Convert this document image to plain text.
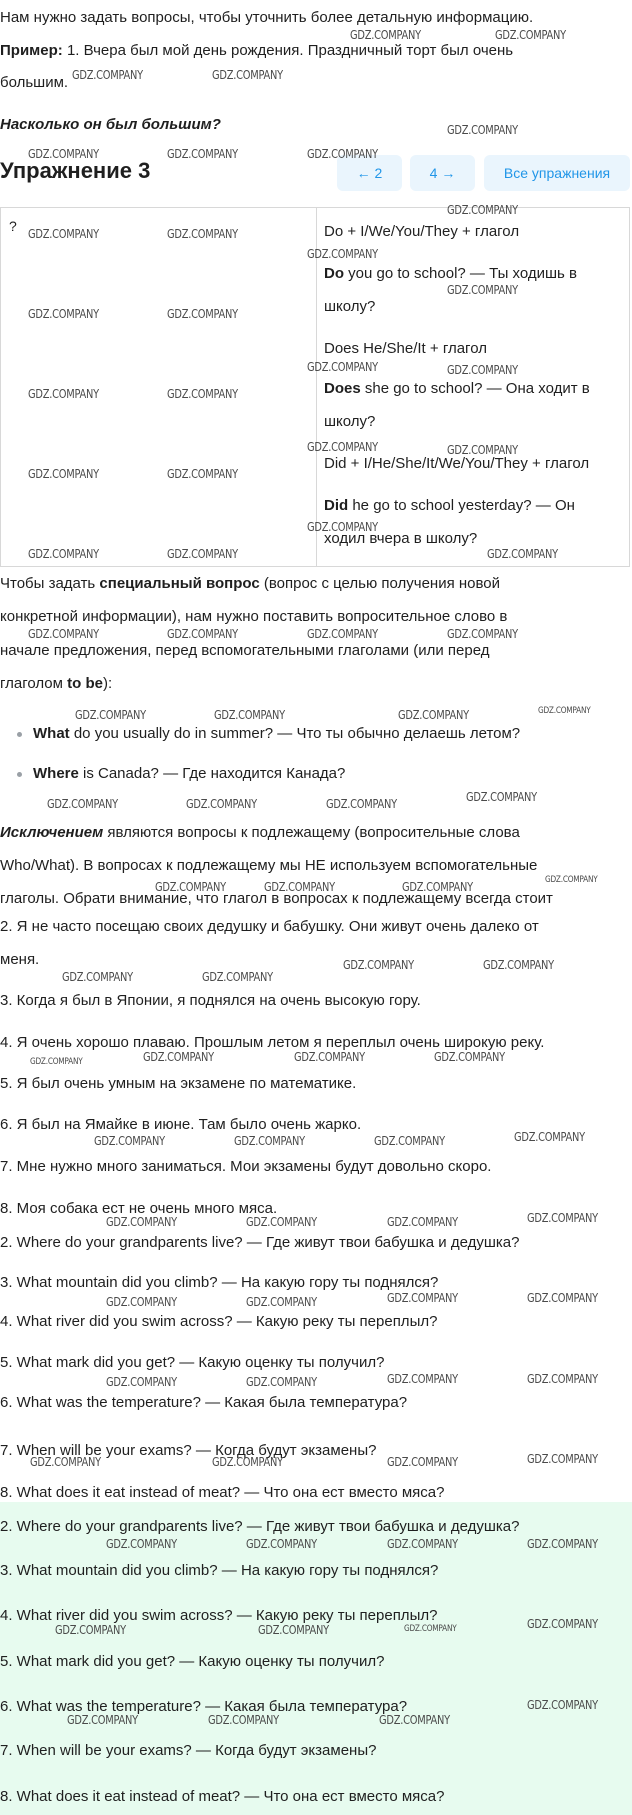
Нам нужно задать вопросы, чтобы уточнить более детальную информацию.
Пример: 1. Вчера был мой день рождения. Праздничный торт был очень
большим.
Насколько он был большим?
Упражнение 3	← 2	4 →	Все упражнения
?	Do + I/We/You/They + глагол
Do you go to school? — Ты ходишь в
школу?
Does He/She/It + глагол
Does she go to school? — Она ходит в
школу?
Did + I/He/She/It/We/You/They + глагол
Did he go to school yesterday? — Он
ходил вчера в школу?
Чтобы задать специальный вопрос (вопрос с целью получения новой
конкретной информации), нам нужно поставить вопросительное слово в
начале предложения, перед вспомогательными глаголами (или перед
глаголом to be):
What do you usually do in summer? — Что ты обычно делаешь летом?
Where is Canada? — Где находится Канада?
Исключением являются вопросы к подлежащему (вопросительные слова
Who/What). В вопросах к подлежащему мы НЕ используем вспомогательные
глаголы. Обрати внимание, что глагол в вопросах к подлежащему всегда стоит
2. Я не часто посещаю своих дедушку и бабушку. Они живут очень далеко от
меня.
3. Когда я был в Японии, я поднялся на очень высокую гору.
4. Я очень хорошо плаваю. Прошлым летом я переплыл очень широкую реку.
5. Я был очень умным на экзамене по математике.
6. Я был на Ямайке в июне. Там было очень жарко.
7. Мне нужно много заниматься. Мои экзамены будут довольно скоро.
8. Моя собака ест не очень много мяса.
2. Where do your grandparents live? — Где живут твои бабушка и дедушка?
3. What mountain did you climb? — На какую гору ты поднялся?
4. What river did you swim across? — Какую реку ты переплыл?
5. What mark did you get? — Какую оценку ты получил?
6. What was the temperature? — Какая была температура?
7. When will be your exams? — Когда будут экзамены?
8. What does it eat instead of meat? — Что она ест вместо мяса?
2. Where do your grandparents live? — Где живут твои бабушка и дедушка?
3. What mountain did you climb? — На какую гору ты поднялся?
4. What river did you swim across? — Какую реку ты переплыл?
5. What mark did you get? — Какую оценку ты получил?
6. What was the temperature? — Какая была температура?
7. When will be your exams? — Когда будут экзамены?
8. What does it eat instead of meat? — Что она ест вместо мяса?
GDZ.COMPANY	GDZ.COMPANY
GDZ.COMPANY	GDZ.COMPANY
GDZ.COMPANY
GDZ.COMPANY	GDZ.COMPANY	GDZ.COMPANY
GDZ.COMPANY
GDZ.COMPANY	GDZ.COMPANY
GDZ.COMPANY
GDZ.COMPANY
GDZ.COMPANY	GDZ.COMPANY
GDZ.COMPANY	GDZ.COMPANY
GDZ.COMPANY	GDZ.COMPANY
GDZ.COMPANY	GDZ.COMPANY
GDZ.COMPANY	GDZ.COMPANY
GDZ.COMPANY
GDZ.COMPANY	GDZ.COMPANY	GDZ.COMPANY
GDZ.COMPANY	GDZ.COMPANY	GDZ.COMPANY	GDZ.COMPANY
GDZ.COMPANY	GDZ.COMPANY	GDZ.COMPANY	GDZ.COMPANY
GDZ.COMPANY	GDZ.COMPANY	GDZ.COMPANY	GDZ.COMPANY
GDZ.COMPANY	GDZ.COMPANY
GDZ.COMPANY	GDZ.COMPANY
GDZ.COMPANY	GDZ.COMPANY	GDZ.COMPANY	GDZ.COMPANY
GDZ.COMPANY	GDZ.COMPANY	GDZ.COMPANY	GDZ.COMPANY
GDZ.COMPANY	GDZ.COMPANY	GDZ.COMPANY	GDZ.COMPANY
GDZ.COMPANY	GDZ.COMPANY	GDZ.COMPANY	GDZ.COMPANY
GDZ.COMPANY	GDZ.COMPANY	GDZ.COMPANY	GDZ.COMPANY
GDZ.COMPANY	GDZ.COMPANY	GDZ.COMPANY	GDZ.COMPANY
GDZ.COMPANY	GDZ.COMPANY	GDZ.COMPANY	GDZ.COMPANY
GDZ.COMPANY	GDZ.COMPANY	GDZ.COMPANY	GDZ.COMPANY
GDZ.COMPANY	GDZ.COMPANY	GDZ.COMPANY	GDZ.COMPANY
GDZ.COMPANY
GDZ.COMPANY	GDZ.COMPANY	GDZ.COMPANY
